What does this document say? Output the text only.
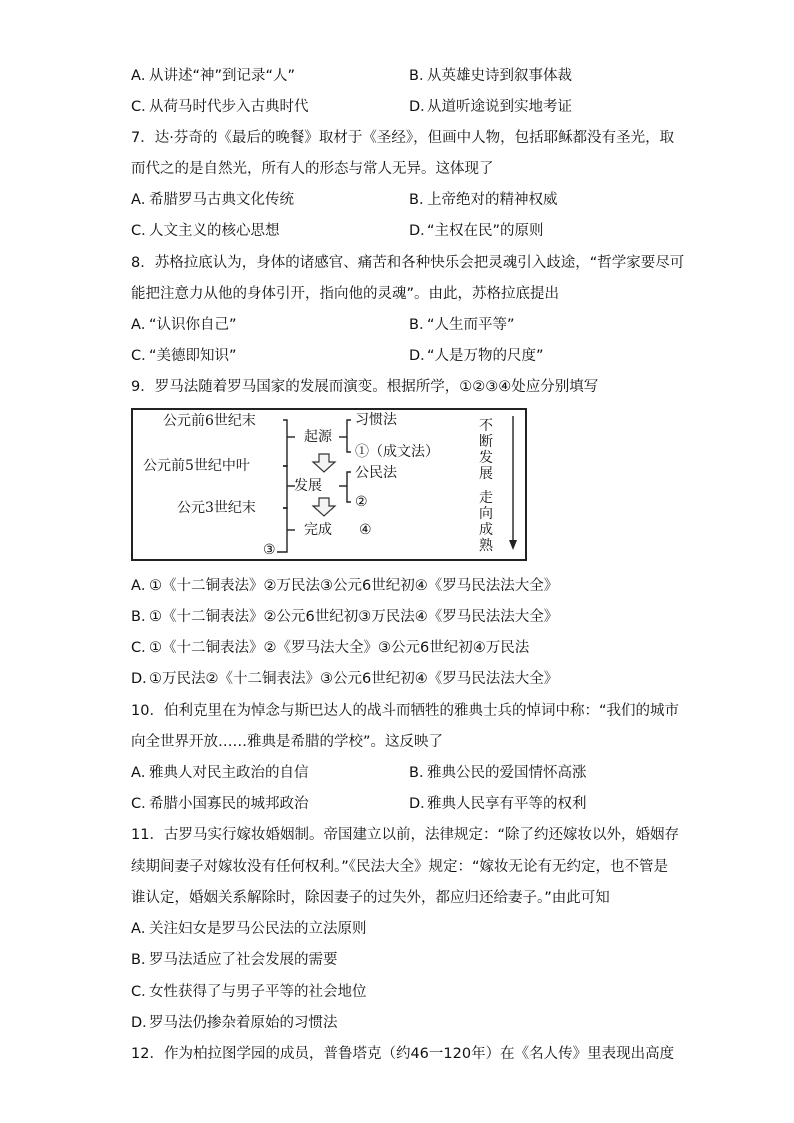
A．从讲述“神”到记录“人”	B．从英雄史诗到叙事体裁
C．从荷马时代步入古典时代	D．从道听途说到实地考证
7．达·芬奇的《最后的晚餐》取材于《圣经》，但画中人物，包括耶稣都没有圣光，取
而代之的是自然光，所有人的形态与常人无异。这体现了
A．希腊罗马古典文化传统	B．上帝绝对的精神权威
C．人文主义的核心思想	D．“主权在民”的原则
8．苏格拉底认为，身体的诸感官、痛苦和各种快乐会把灵魂引入歧途，“哲学家要尽可
能把注意力从他的身体引开，指向他的灵魂”。由此，苏格拉底提出
A．“认识你自己”	B．“人生而平等”
C．“美德即知识”	D．“人是万物的尺度”
9．罗马法随着罗马国家的发展而演变。根据所学，①②③④处应分别填写
公元前6世纪末
公元前5世纪中叶
公元3世纪末
③
起源
发展
完成
习惯法
①（成文法）
公民法
②
④
不
断
发
展
走
向
成
熟
A．①《十二铜表法》②万民法③公元6世纪初④《罗马民法法大全》
B．①《十二铜表法》②公元6世纪初③万民法④《罗马民法法大全》
C．①《十二铜表法》②《罗马法大全》③公元6世纪初④万民法
D．①万民法②《十二铜表法》③公元6世纪初④《罗马民法法大全》
10．伯利克里在为悼念与斯巴达人的战斗而牺牲的雅典士兵的悼词中称：“我们的城市
向全世界开放……雅典是希腊的学校”。这反映了
A．雅典人对民主政治的自信	B．雅典公民的爱国情怀高涨
C．希腊小国寡民的城邦政治	D．雅典人民享有平等的权利
11．古罗马实行嫁妆婚姻制。帝国建立以前，法律规定：“除了约还嫁妆以外，婚姻存
续期间妻子对嫁妆没有任何权利。”《民法大全》规定：“嫁妆无论有无约定，也不管是
谁认定，婚姻关系解除时，除因妻子的过失外，都应归还给妻子。”由此可知
A．关注妇女是罗马公民法的立法原则
B．罗马法适应了社会发展的需要
C．女性获得了与男子平等的社会地位
D．罗马法仍掺杂着原始的习惯法
12．作为柏拉图学园的成员，普鲁塔克（约46一120年）在《名人传》里表现出高度
